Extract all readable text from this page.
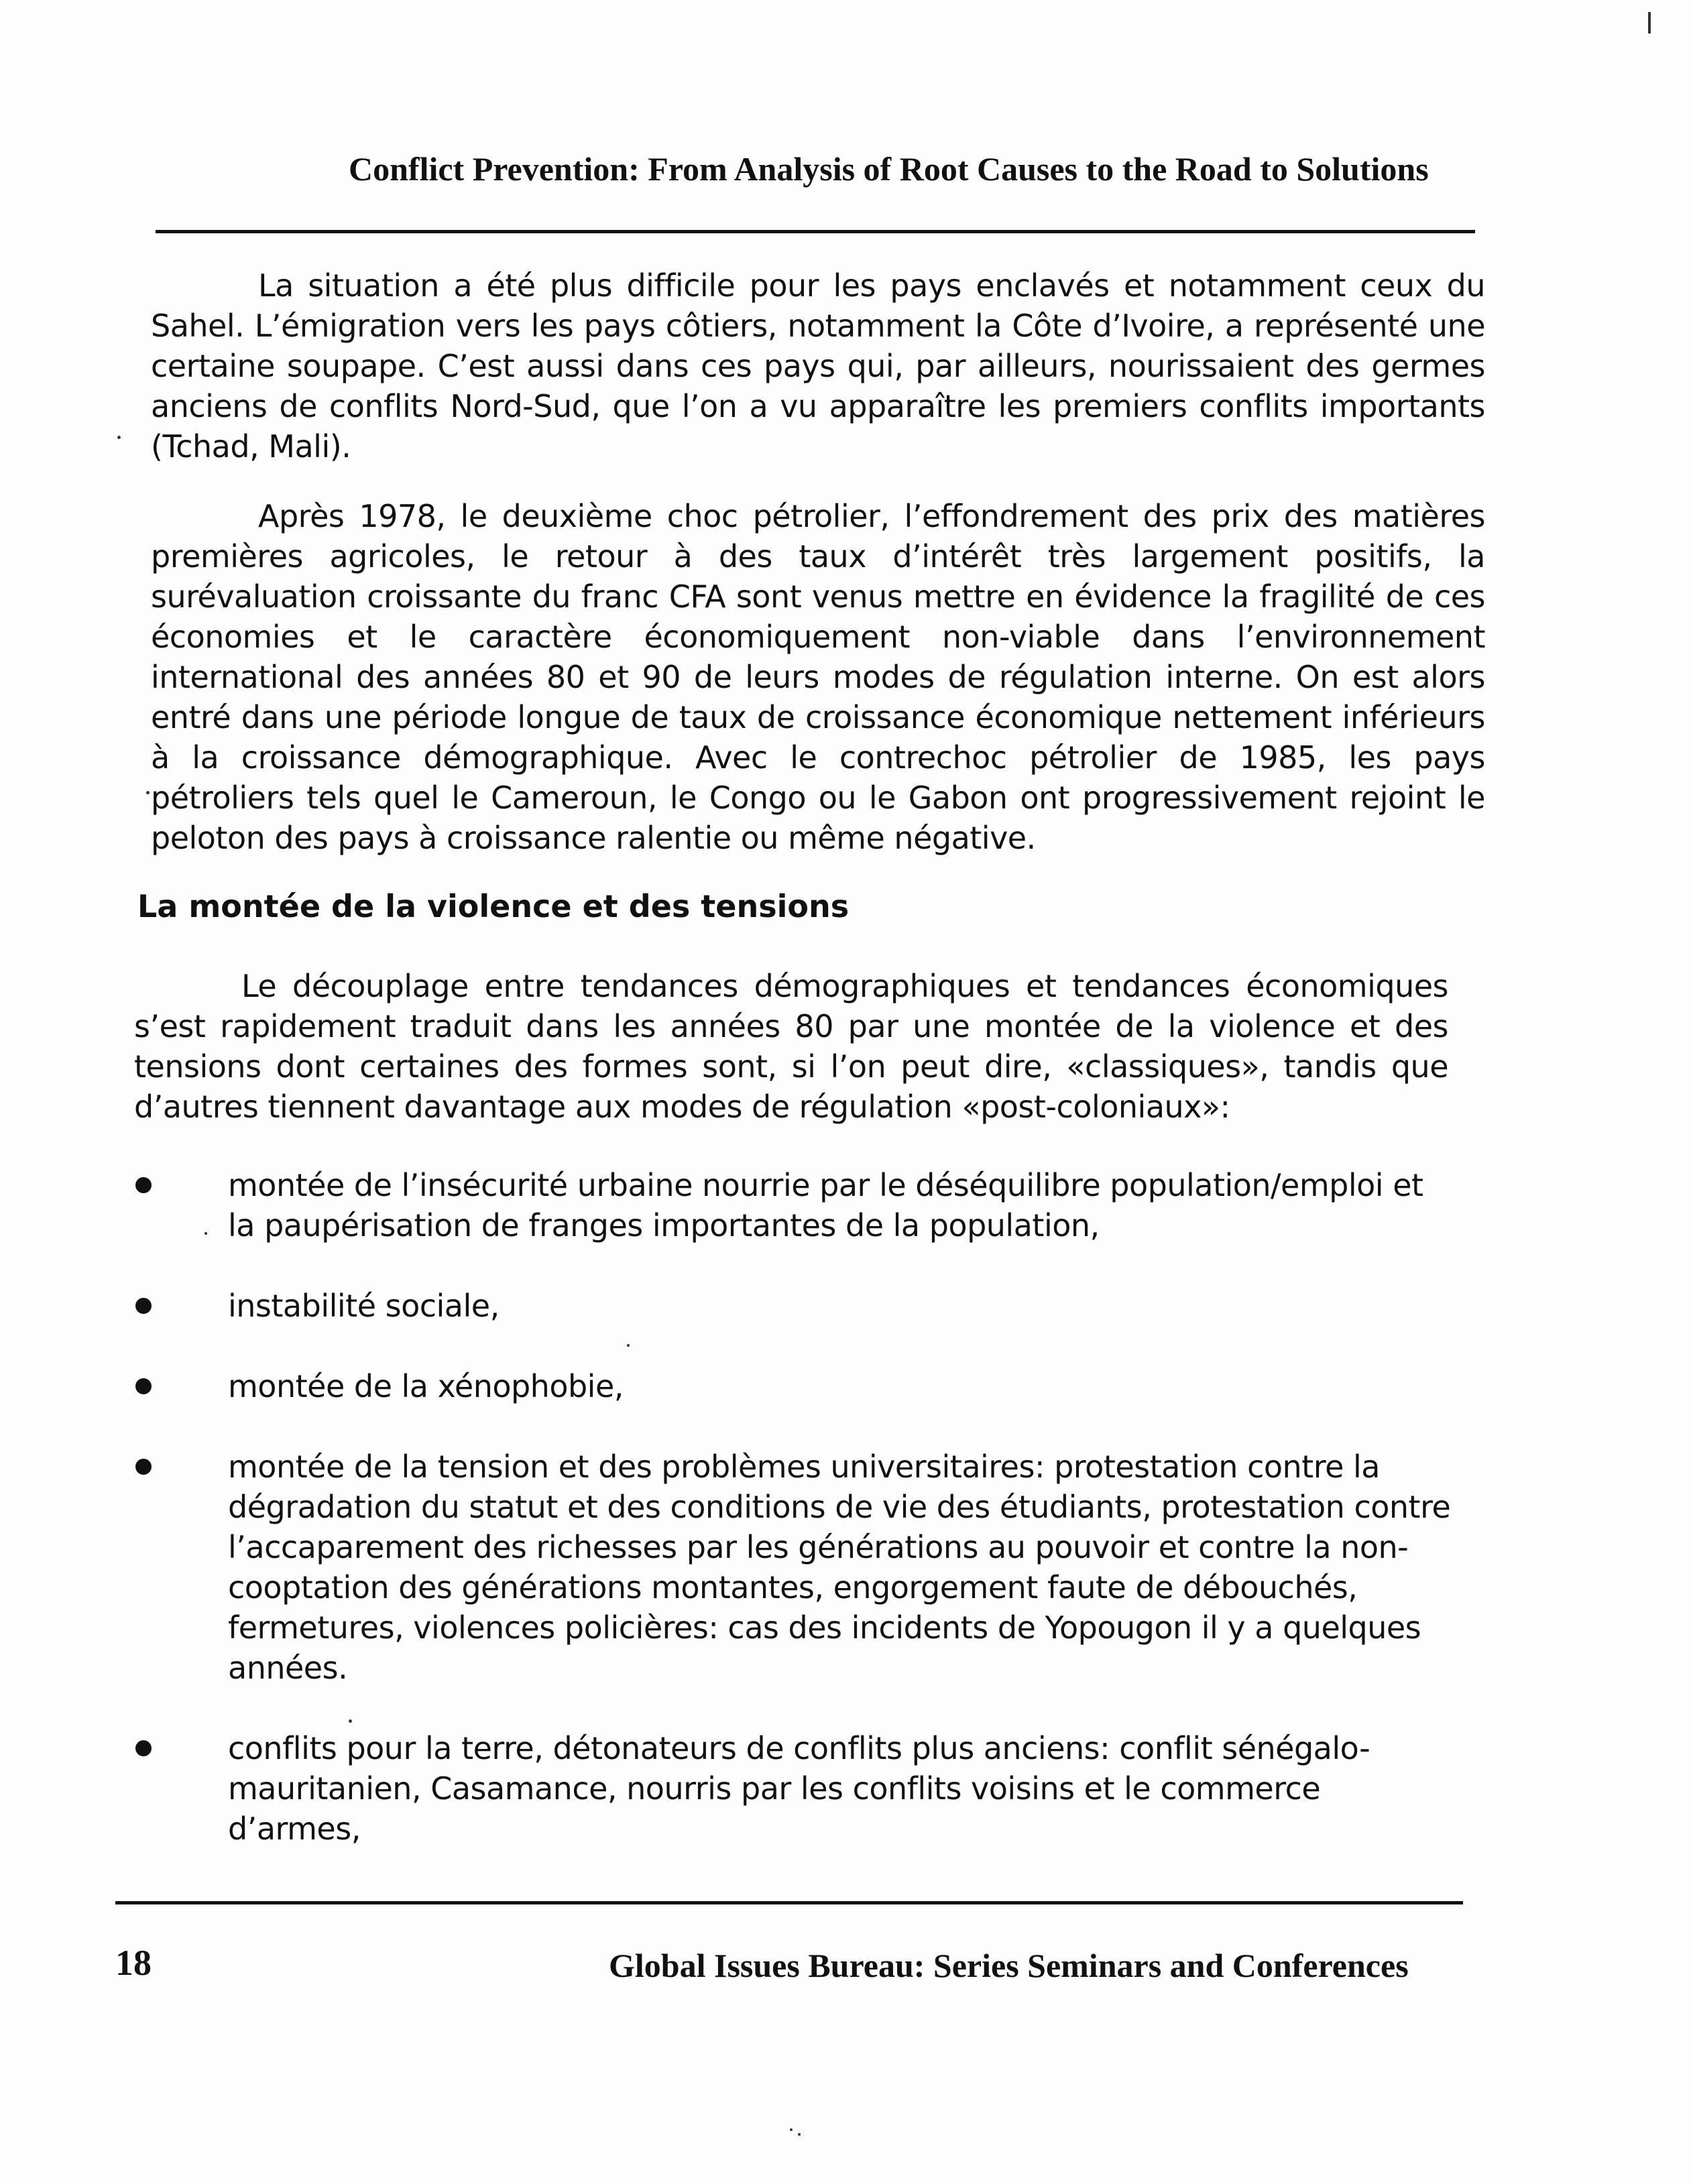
Conflict Prevention: From Analysis of Root Causes to the Road to Solutions

La situation a été plus difficile pour les pays enclavés et notamment ceux du Sahel. L’émigration vers les pays côtiers, notamment la Côte d’Ivoire, a représenté une certaine soupape. C’est aussi dans ces pays qui, par ailleurs, nourissaient des germes anciens de conflits Nord-Sud, que l’on a vu apparaître les premiers conflits importants (Tchad, Mali).

Après 1978, le deuxième choc pétrolier, l’effondrement des prix des matières premières agricoles, le retour à des taux d’intérêt très largement positifs, la surévaluation croissante du franc CFA sont venus mettre en évidence la fragilité de ces économies et le caractère économiquement non-viable dans l’environnement international des années 80 et 90 de leurs modes de régulation interne. On est alors entré dans une période longue de taux de croissance économique nettement inférieurs à la croissance démographique. Avec le contrechoc pétrolier de 1985, les pays pétroliers tels quel le Cameroun, le Congo ou le Gabon ont progressivement rejoint le peloton des pays à croissance ralentie ou même négative.

La montée de la violence et des tensions

Le découplage entre tendances démographiques et tendances économiques s’est rapidement traduit dans les années 80 par une montée de la violence et des tensions dont certaines des formes sont, si l’on peut dire, «classiques», tandis que d’autres tiennent davantage aux modes de régulation «post-coloniaux»:

montée de l’insécurité urbaine nourrie par le déséquilibre population/emploi et la paupérisation de franges importantes de la population,
instabilité sociale,
montée de la xénophobie,
montée de la tension et des problèmes universitaires: protestation contre la dégradation du statut et des conditions de vie des étudiants, protestation contre l’accaparement des richesses par les générations au pouvoir et contre la non-cooptation des générations montantes, engorgement faute de débouchés, fermetures, violences policières: cas des incidents de Yopougon il y a quelques années.
conflits pour la terre, détonateurs de conflits plus anciens: conflit sénégalo-mauritanien, Casamance, nourris par les conflits voisins et le commerce d’armes,
18	Global Issues Bureau: Series Seminars and Conferences
